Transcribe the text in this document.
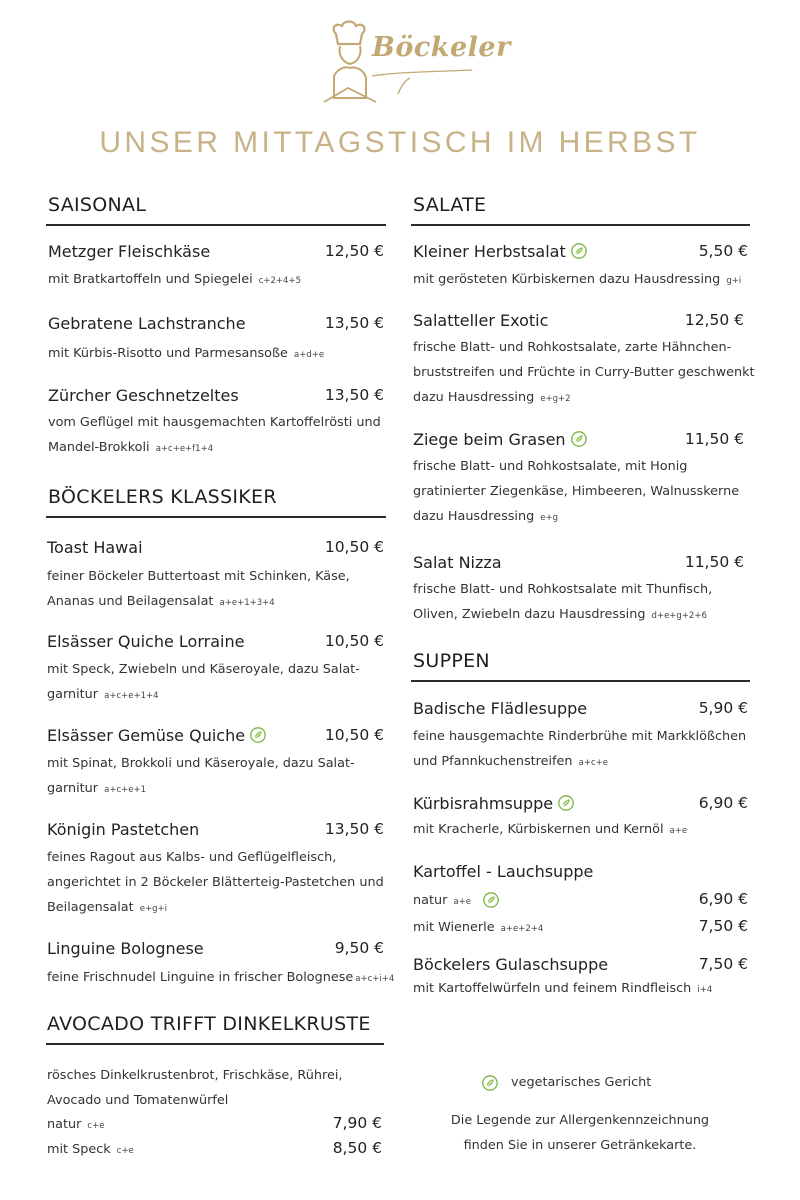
Böckeler
UNSER MITTAGSTISCH IM HERBST
SAISONAL
Metzger Fleischkäse	12,50 €
mit Bratkartoffeln und Spiegelei c+2+4+5
Gebratene Lachstranche	13,50 €
mit Kürbis-Risotto und Parmesansoße a+d+e
Zürcher Geschnetzeltes	13,50 €
vom Geflügel mit hausgemachten Kartoffelrösti und
Mandel-Brokkoli a+c+e+f1+4
BÖCKELERS KLASSIKER
Toast Hawai	10,50 €
feiner Böckeler Buttertoast mit Schinken, Käse,
Ananas und Beilagensalat a+e+1+3+4
Elsässer Quiche Lorraine	10,50 €
mit Speck, Zwiebeln und Käseroyale, dazu Salat-
garnitur a+c+e+1+4
Elsässer Gemüse Quiche	10,50 €
mit Spinat, Brokkoli und Käseroyale, dazu Salat-
garnitur a+c+e+1
Königin Pastetchen	13,50 €
feines Ragout aus Kalbs- und Geflügelfleisch,
angerichtet in 2 Böckeler Blätterteig-Pastetchen und
Beilagensalat e+g+i
Linguine Bolognese	9,50 €
feine Frischnudel Linguine in frischer Bolognese a+c+i+4
AVOCADO TRIFFT DINKELKRUSTE
rösches Dinkelkrustenbrot, Frischkäse, Rührei,
Avocado und Tomatenwürfel
natur c+e	7,90 €
mit Speck c+e	8,50 €
SALATE
Kleiner Herbstsalat	5,50 €
mit gerösteten Kürbiskernen dazu Hausdressing g+i
Salatteller Exotic	12,50 €
frische Blatt- und Rohkostsalate, zarte Hähnchen-
bruststreifen und Früchte in Curry-Butter geschwenkt
dazu Hausdressing e+g+2
Ziege beim Grasen	11,50 €
frische Blatt- und Rohkostsalate, mit Honig
gratinierter Ziegenkäse, Himbeeren, Walnusskerne
dazu Hausdressing e+g
Salat Nizza	11,50 €
frische Blatt- und Rohkostsalate mit Thunfisch,
Oliven, Zwiebeln dazu Hausdressing d+e+g+2+6
SUPPEN
Badische Flädlesuppe	5,90 €
feine hausgemachte Rinderbrühe mit Markklößchen
und Pfannkuchenstreifen a+c+e
Kürbisrahmsuppe	6,90 €
mit Kracherle, Kürbiskernen und Kernöl a+e
Kartoffel - Lauchsuppe
natur a+e	6,90 €
mit Wienerle a+e+2+4	7,50 €
Böckelers Gulaschsuppe	7,50 €
mit Kartoffelwürfeln und feinem Rindfleisch i+4
vegetarisches Gericht
Die Legende zur Allergenkennzeichnung
finden Sie in unserer Getränkekarte.
